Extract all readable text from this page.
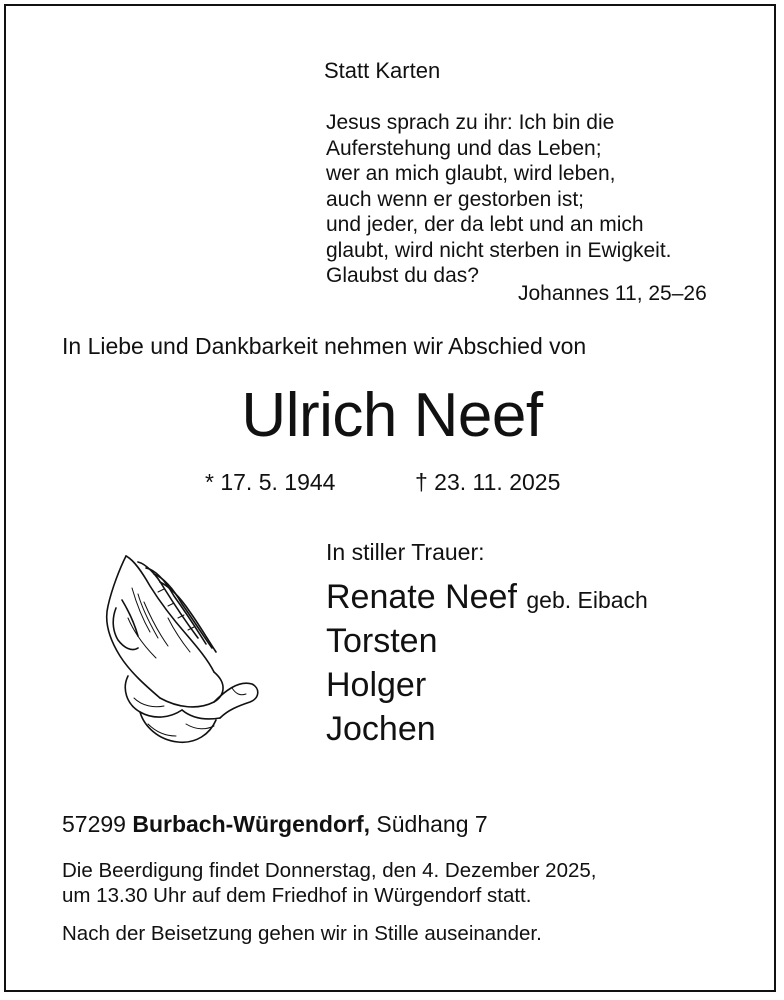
Statt Karten

Jesus sprach zu ihr: Ich bin die
Auferstehung und das Leben;
wer an mich glaubt, wird leben,
auch wenn er gestorben ist;
und jeder, der da lebt und an mich
glaubt, wird nicht sterben in Ewigkeit.
Glaubst du das?

Johannes 11, 25–26

In Liebe und Dankbarkeit nehmen wir Abschied von

Ulrich Neef

* 17. 5. 1944	† 23. 11. 2025

In stiller Trauer:

Renate Neef geb. Eibach
Torsten
Holger
Jochen

57299 Burbach-Würgendorf, Südhang 7

Die Beerdigung findet Donnerstag, den 4. Dezember 2025,
um 13.30 Uhr auf dem Friedhof in Würgendorf statt.

Nach der Beisetzung gehen wir in Stille auseinander.
